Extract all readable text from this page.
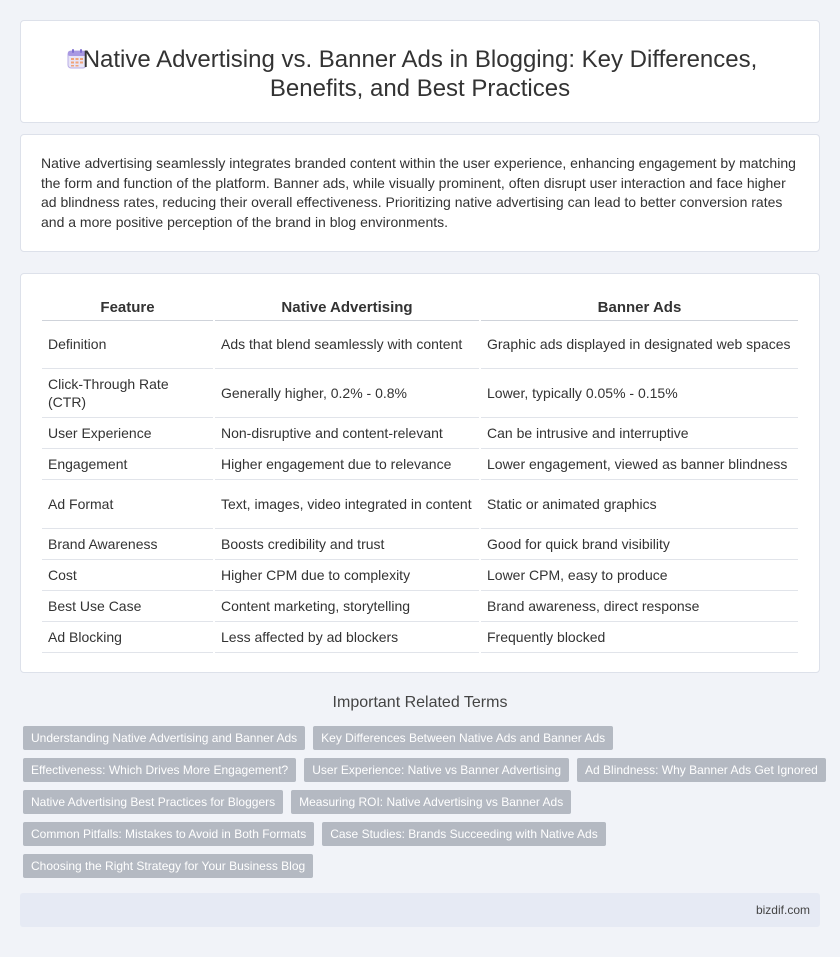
Native Advertising vs. Banner Ads in Blogging: Key Differences, Benefits, and Best Practices

Native advertising seamlessly integrates branded content within the user experience, enhancing engagement by matching the form and function of the platform. Banner ads, while visually prominent, often disrupt user interaction and face higher ad blindness rates, reducing their overall effectiveness. Prioritizing native advertising can lead to better conversion rates and a more positive perception of the brand in blog environments.

Feature	Native Advertising	Banner Ads
Definition	Ads that blend seamlessly with content	Graphic ads displayed in designated web spaces
Click-Through Rate (CTR)	Generally higher, 0.2% - 0.8%	Lower, typically 0.05% - 0.15%
User Experience	Non-disruptive and content-relevant	Can be intrusive and interruptive
Engagement	Higher engagement due to relevance	Lower engagement, viewed as banner blindness
Ad Format	Text, images, video integrated in content	Static or animated graphics
Brand Awareness	Boosts credibility and trust	Good for quick brand visibility
Cost	Higher CPM due to complexity	Lower CPM, easy to produce
Best Use Case	Content marketing, storytelling	Brand awareness, direct response
Ad Blocking	Less affected by ad blockers	Frequently blocked
Important Related Terms
Understanding Native Advertising and Banner Ads	Key Differences Between Native Ads and Banner Ads
Effectiveness: Which Drives More Engagement?	User Experience: Native vs Banner Advertising	Ad Blindness: Why Banner Ads Get Ignored
Native Advertising Best Practices for Bloggers	Measuring ROI: Native Advertising vs Banner Ads
Common Pitfalls: Mistakes to Avoid in Both Formats	Case Studies: Brands Succeeding with Native Ads
Choosing the Right Strategy for Your Business Blog
bizdif.com
